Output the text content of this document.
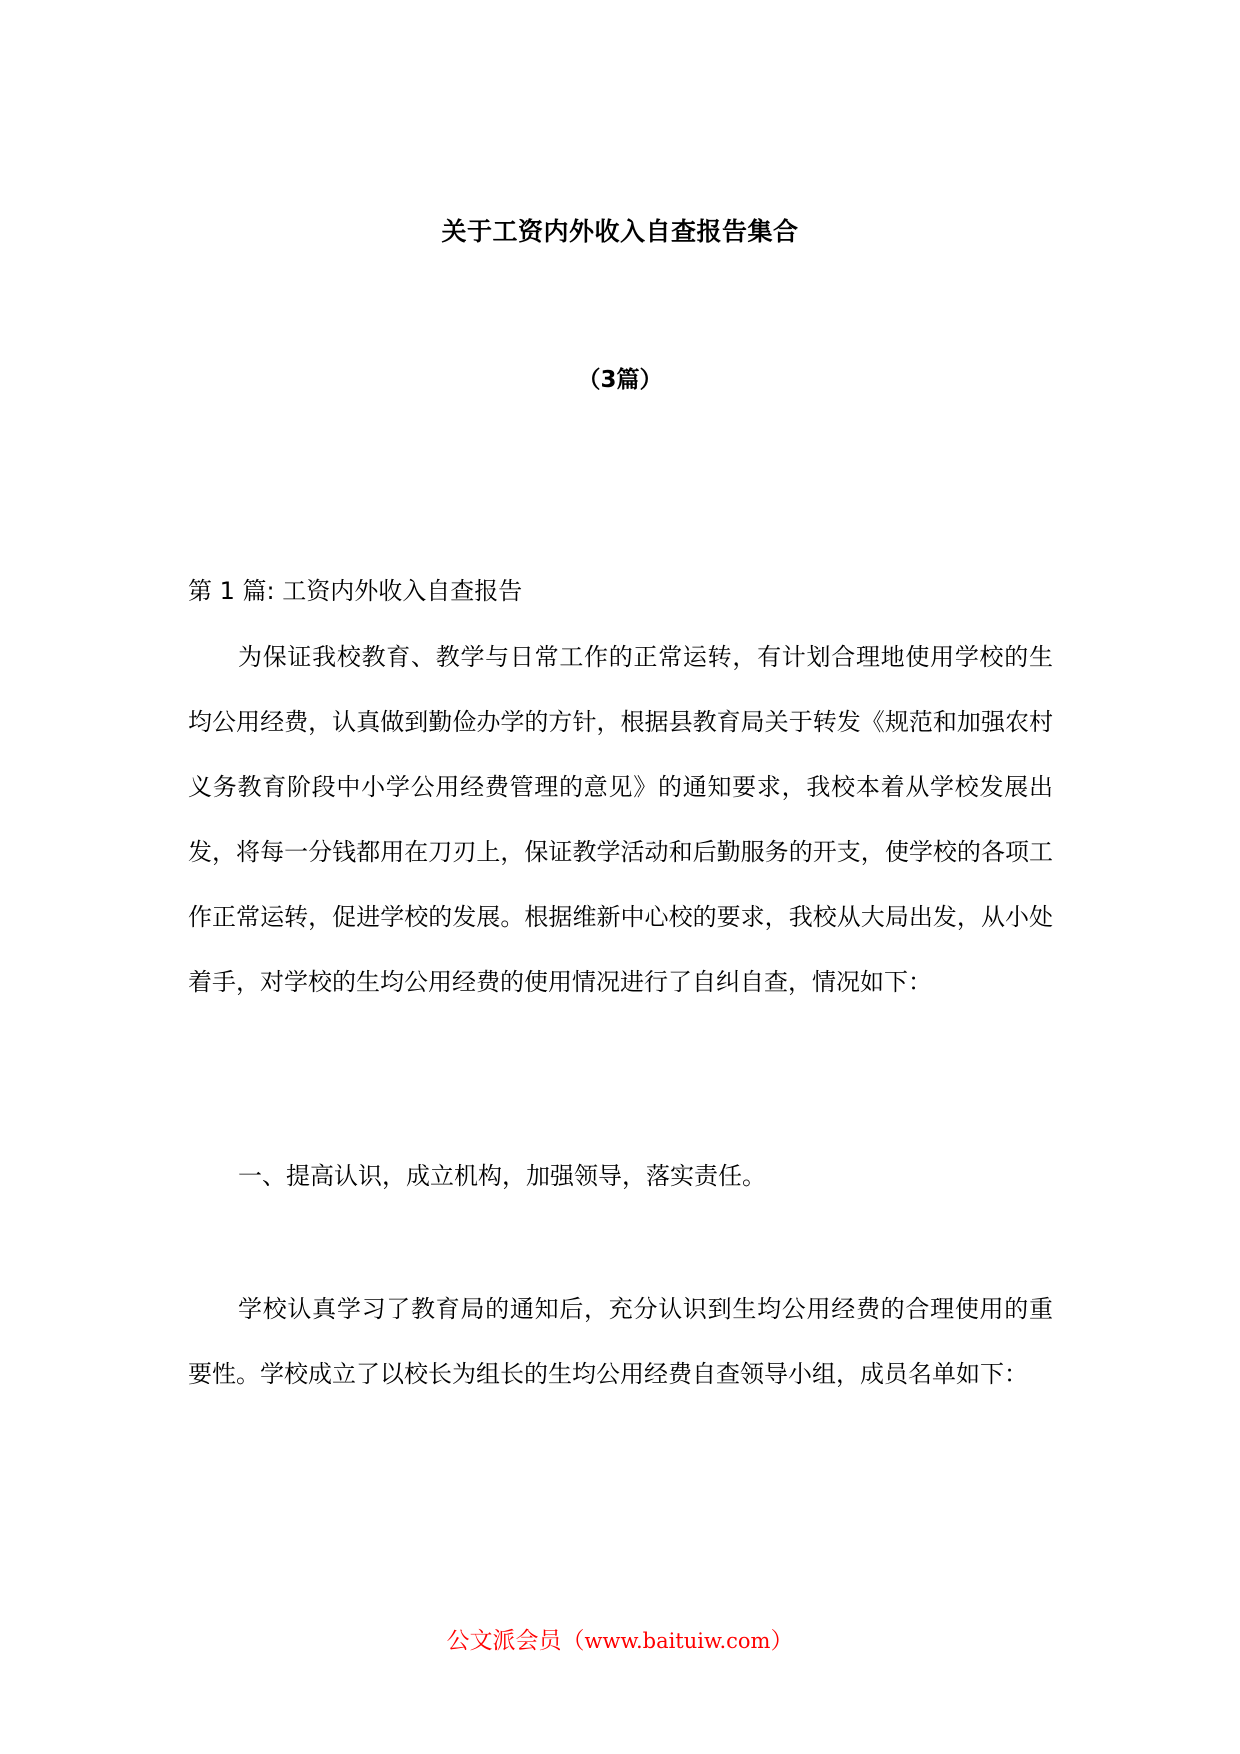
关于工资内外收入自查报告集合
（3篇）
第 1 篇: 工资内外收入自查报告
为保证我校教育、教学与日常工作的正常运转，有计划合理地使用学校的生均公用经费，认真做到勤俭办学的方针，根据县教育局关于转发《规范和加强农村义务教育阶段中小学公用经费管理的意见》的通知要求，我校本着从学校发展出发，将每一分钱都用在刀刃上，保证教学活动和后勤服务的开支，使学校的各项工作正常运转，促进学校的发展。根据维新中心校的要求，我校从大局出发，从小处着手，对学校的生均公用经费的使用情况进行了自纠自查，情况如下：
一、提高认识，成立机构，加强领导，落实责任。
学校认真学习了教育局的通知后，充分认识到生均公用经费的合理使用的重要性。学校成立了以校长为组长的生均公用经费自查领导小组，成员名单如下：
公文派会员（www.baituiw.com）
